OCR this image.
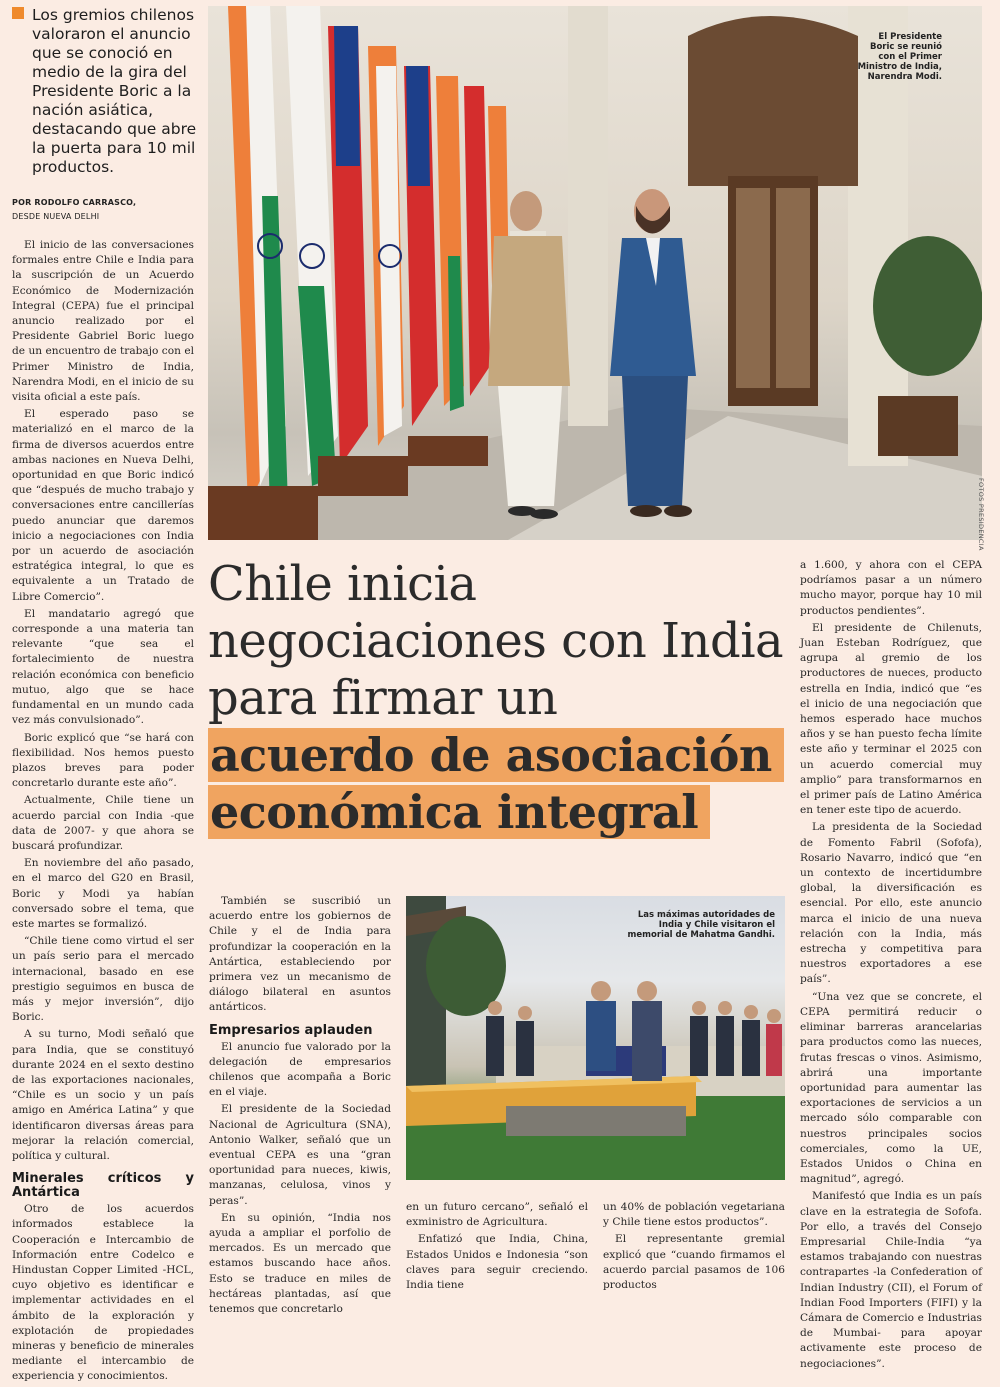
Los gremios chilenos valoraron el anuncio que se conoció en medio de la gira del Presidente Boric a la nación asiática, destacando que abre la puerta para 10 mil productos.
POR RODOLFO CARRASCO,
DESDE NUEVA DELHI

El inicio de las conversaciones formales entre Chile e India para la suscripción de un Acuerdo Económico de Modernización Integral (CEPA) fue el principal anuncio realizado por el Presidente Gabriel Boric luego de un encuentro de trabajo con el Primer Ministro de India, Narendra Modi, en el inicio de su visita oficial a este país.

El esperado paso se materializó en el marco de la firma de diversos acuerdos entre ambas naciones en Nueva Delhi, oportunidad en que Boric indicó que “después de mucho trabajo y conversaciones entre cancillerías puedo anunciar que daremos inicio a negociaciones con India por un acuerdo de asociación estratégica integral, lo que es equivalente a un Tratado de Libre Comercio”.

El mandatario agregó que corresponde a una materia tan relevante “que sea el fortalecimiento de nuestra relación económica con beneficio mutuo, algo que se hace fundamental en un mundo cada vez más convulsionado”.

Boric explicó que “se hará con flexibilidad. Nos hemos puesto plazos breves para poder concretarlo durante este año”.

Actualmente, Chile tiene un acuerdo parcial con India -que data de 2007- y que ahora se buscará profundizar.

En noviembre del año pasado, en el marco del G20 en Brasil, Boric y Modi ya habían conversado sobre el tema, que este martes se formalizó.

“Chile tiene como virtud el ser un país serio para el mercado internacional, basado en ese prestigio seguimos en busca de más y mejor inversión”, dijo Boric.

A su turno, Modi señaló que para India, que se constituyó durante 2024 en el sexto destino de las exportaciones nacionales, “Chile es un socio y un país amigo en América Latina” y que identificaron diversas áreas para mejorar la relación comercial, política y cultural.

Minerales críticos y Antártica

Otro de los acuerdos informados establece la Cooperación e Intercambio de Información entre Codelco e Hindustan Copper Limited -HCL, cuyo objetivo es identificar e implementar actividades en el ámbito de la exploración y explotación de propiedades mineras y beneficio de minerales mediante el intercambio de experiencia y conocimientos.

El Presidente Boric se reunió con el Primer Ministro de India, Narendra Modi.
FOTOS PRESIDENCIA
Chile inicia negociaciones con India para firmar un
acuerdo de asociación económica integral

También se suscribió un acuerdo entre los gobiernos de Chile y el de India para profundizar la cooperación en la Antártica, estableciendo por primera vez un mecanismo de diálogo bilateral en asuntos antárticos.

Empresarios aplauden

El anuncio fue valorado por la delegación de empresarios chilenos que acompaña a Boric en el viaje.

El presidente de la Sociedad Nacional de Agricultura (SNA), Antonio Walker, señaló que un eventual CEPA es una “gran oportunidad para nueces, kiwis, manzanas, celulosa, vinos y peras”.

En su opinión, “India nos ayuda a ampliar el porfolio de mercados. Es un mercado que estamos buscando hace años. Esto se traduce en miles de hectáreas plantadas, así que tenemos que concretarlo

Las máximas autoridades de India y Chile visitaron el memorial de Mahatma Gandhi.

en un futuro cercano”, señaló el exministro de Agricultura.

Enfatizó que India, China, Estados Unidos e Indonesia “son claves para seguir creciendo. India tiene

un 40% de población vegetariana y Chile tiene estos productos”.

El representante gremial explicó que “cuando firmamos el acuerdo parcial pasamos de 106 productos

a 1.600, y ahora con el CEPA podríamos pasar a un número mucho mayor, porque hay 10 mil productos pendientes”.

El presidente de Chilenuts, Juan Esteban Rodríguez, que agrupa al gremio de los productores de nueces, producto estrella en India, indicó que “es el inicio de una negociación que hemos esperado hace muchos años y se han puesto fecha límite este año y terminar el 2025 con un acuerdo comercial muy amplio” para transformarnos en el primer país de Latino América en tener este tipo de acuerdo.

La presidenta de la Sociedad de Fomento Fabril (Sofofa), Rosario Navarro, indicó que “en un contexto de incertidumbre global, la diversificación es esencial. Por ello, este anuncio marca el inicio de una nueva relación con la India, más estrecha y competitiva para nuestros exportadores a ese país”.

“Una vez que se concrete, el CEPA permitirá reducir o eliminar barreras arancelarias para productos como las nueces, frutas frescas o vinos. Asimismo, abrirá una importante oportunidad para aumentar las exportaciones de servicios a un mercado sólo comparable con nuestros principales socios comerciales, como la UE, Estados Unidos o China en magnitud”, agregó.

Manifestó que India es un país clave en la estrategia de Sofofa. Por ello, a través del Consejo Empresarial Chile-India “ya estamos trabajando con nuestras contrapartes -la Confederation of Indian Industry (CII), el Forum of Indian Food Importers (FIFI) y la Cámara de Comercio e Industrias de Mumbai- para apoyar activamente este proceso de negociaciones”.
